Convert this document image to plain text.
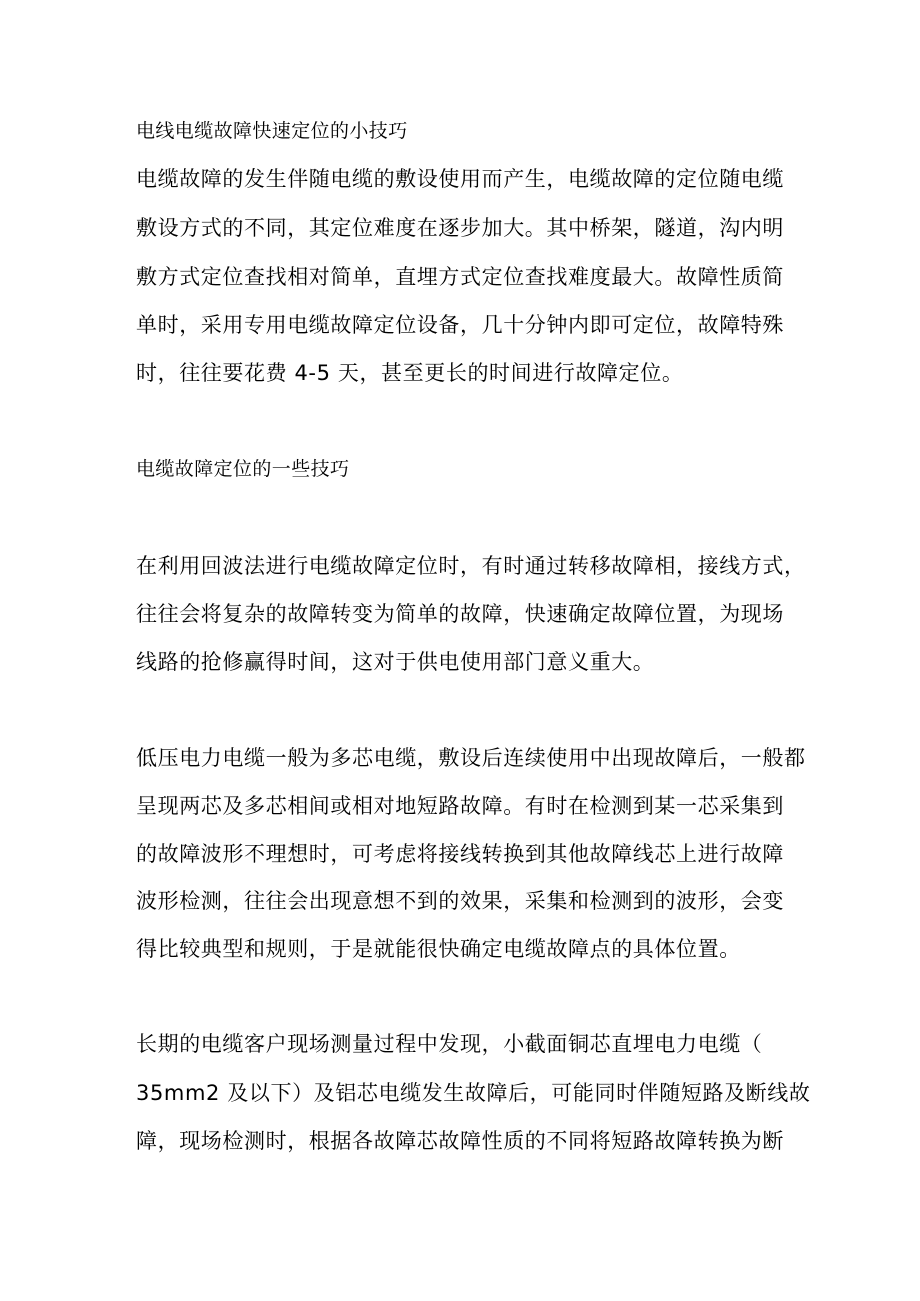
电线电缆故障快速定位的小技巧
电缆故障的发生伴随电缆的敷设使用而产生，电缆故障的定位随电缆
敷设方式的不同，其定位难度在逐步加大。其中桥架，隧道，沟内明
敷方式定位查找相对简单，直埋方式定位查找难度最大。故障性质简
单时，采用专用电缆故障定位设备，几十分钟内即可定位，故障特殊
时，往往要花费 4-5 天，甚至更长的时间进行故障定位。
电缆故障定位的一些技巧
在利用回波法进行电缆故障定位时，有时通过转移故障相，接线方式，
往往会将复杂的故障转变为简单的故障，快速确定故障位置，为现场
线路的抢修赢得时间，这对于供电使用部门意义重大。
低压电力电缆一般为多芯电缆，敷设后连续使用中出现故障后，一般都
呈现两芯及多芯相间或相对地短路故障。有时在检测到某一芯采集到
的故障波形不理想时，可考虑将接线转换到其他故障线芯上进行故障
波形检测，往往会出现意想不到的效果，采集和检测到的波形，会变
得比较典型和规则，于是就能很快确定电缆故障点的具体位置。
长期的电缆客户现场测量过程中发现，小截面铜芯直埋电力电缆（
35mm2 及以下）及铝芯电缆发生故障后，可能同时伴随短路及断线故
障，现场检测时，根据各故障芯故障性质的不同将短路故障转换为断
